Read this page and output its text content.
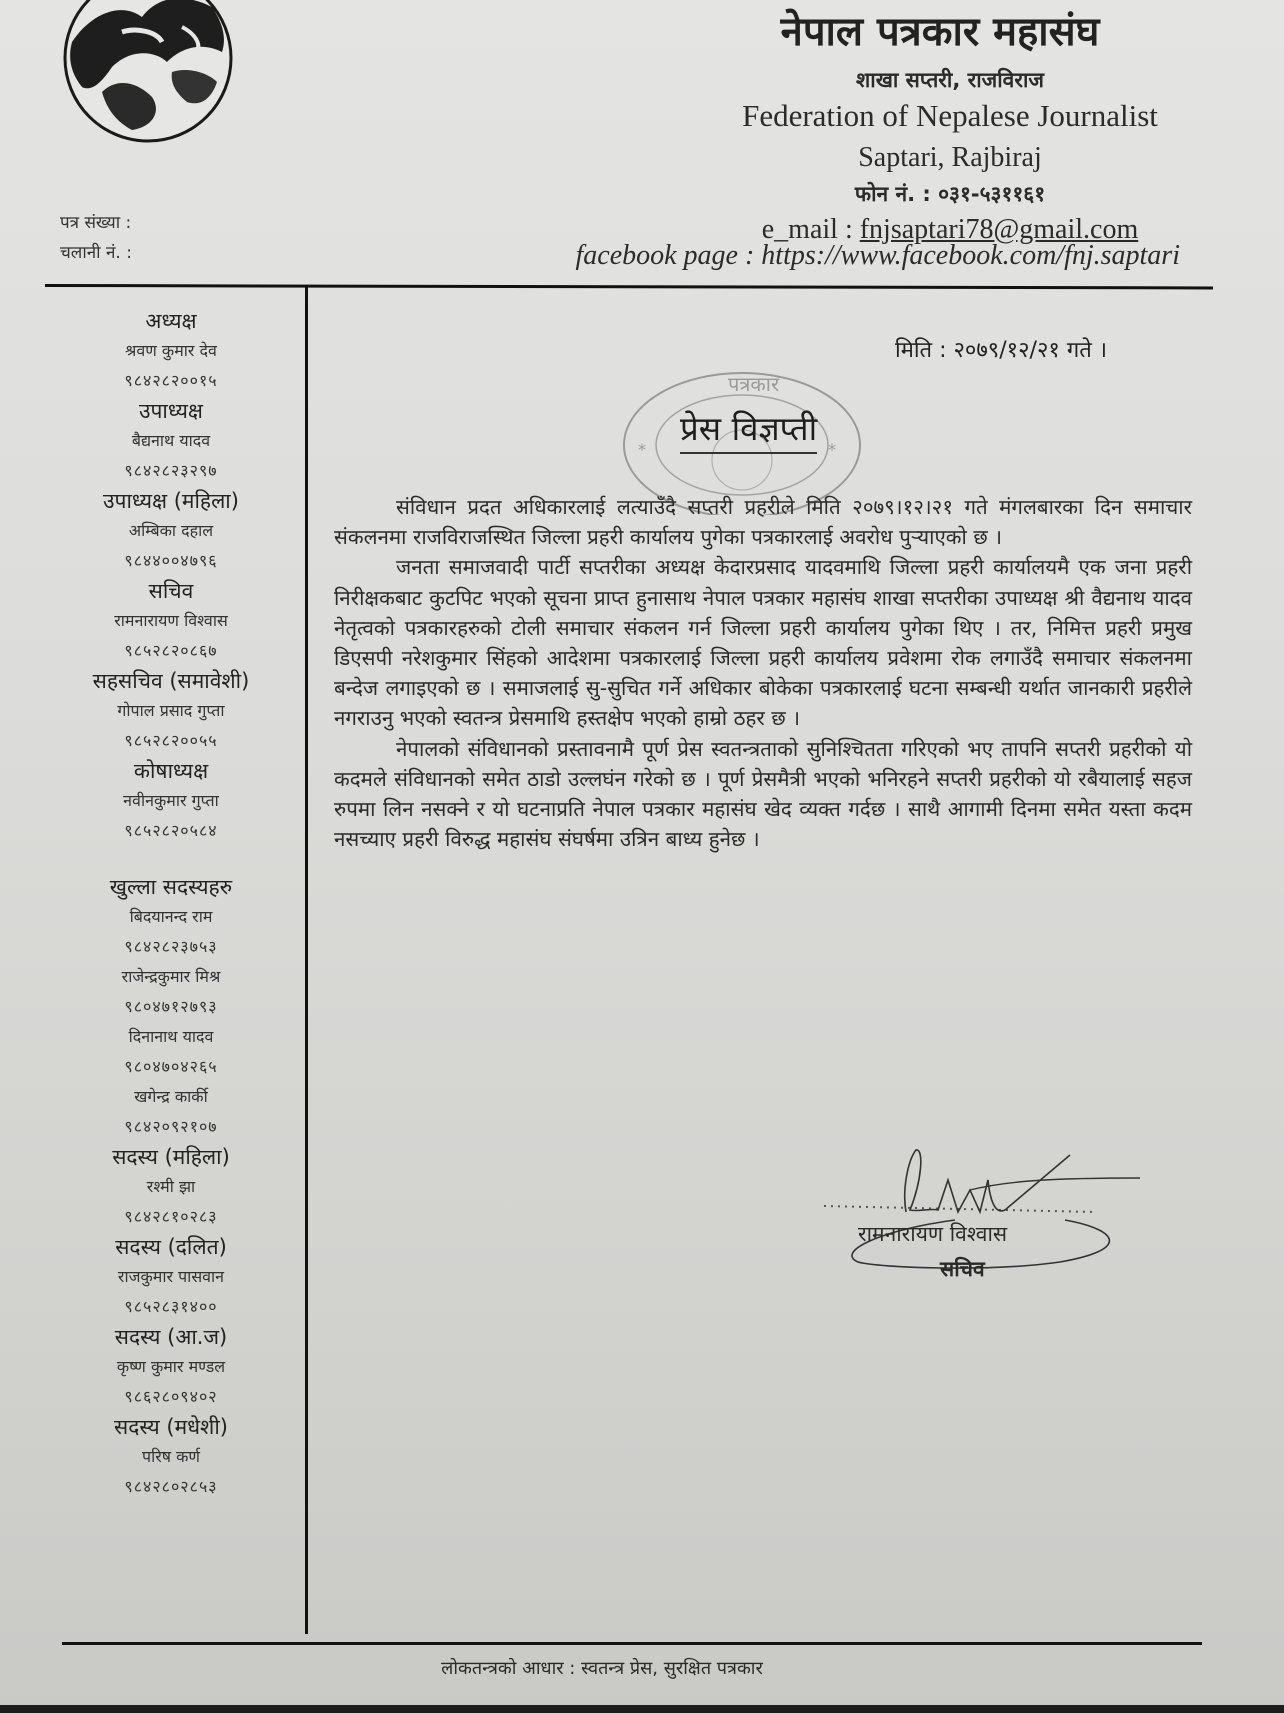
नेपाल पत्रकार महासंघ
शाखा सप्तरी, राजविराज
Federation of Nepalese Journalist
Saptari, Rajbiraj
फोन नं. : ०३१-५३११६१
e_mail : fnjsaptari78@gmail.com
facebook page : https://www.facebook.com/fnj.saptari
पत्र संख्या :
चलानी नं. :
अध्यक्ष
श्रवण कुमार देव
९८४२८२००१५
उपाध्यक्ष
बैद्यनाथ यादव
९८४२८२३२९७
उपाध्यक्ष (महिला)
अम्बिका दहाल
९८४४००४७९६
सचिव
रामनारायण विश्वास
९८५२८२०८६७
सहसचिव (समावेशी)
गोपाल प्रसाद गुप्ता
९८५२८२००५५
कोषाध्यक्ष
नवीनकुमार गुप्ता
९८५२८२०५८४
खुल्ला सदस्यहरु
बिदयानन्द राम
९८४२८२३७५३
राजेन्द्रकुमार मिश्र
९८०४७१२७९३
दिनानाथ यादव
९८०४७०४२६५
खगेन्द्र कार्की
९८४२०९२१०७
सदस्य (महिला)
रश्मी झा
९८४२८१०२८३
सदस्य (दलित)
राजकुमार पासवान
९८५२८३१४००
सदस्य (आ.ज)
कृष्ण कुमार मण्डल
९८६२८०९४०२
सदस्य (मधेशी)
परिष कर्ण
९८४२८०२८५३
मिति : २०७९/१२/२१ गते ।
पत्रकार
*	*
प्रेस विज्ञप्ती

संविधान प्रदत अधिकारलाई लत्याउँदै सप्तरी प्रहरीले मिति २०७९।१२।२१ गते मंगलबारका दिन समाचार संकलनमा राजविराजस्थित जिल्ला प्रहरी कार्यालय पुगेका पत्रकारलाई अवरोध पुऱ्याएको छ ।

जनता समाजवादी पार्टी सप्तरीका अध्यक्ष केदारप्रसाद यादवमाथि जिल्ला प्रहरी कार्यालयमै एक जना प्रहरी निरीक्षकबाट कुटपिट भएको सूचना प्राप्त हुनासाथ नेपाल पत्रकार महासंघ शाखा सप्तरीका उपाध्यक्ष श्री वैद्यनाथ यादव नेतृत्वको पत्रकारहरुको टोली समाचार संकलन गर्न जिल्ला प्रहरी कार्यालय पुगेका थिए । तर, निमित्त प्रहरी प्रमुख डिएसपी नरेशकुमार सिंहको आदेशमा पत्रकारलाई जिल्ला प्रहरी कार्यालय प्रवेशमा रोक लगाउँदै समाचार संकलनमा बन्देज लगाइएको छ । समाजलाई सु-सुचित गर्ने अधिकार बोकेका पत्रकारलाई घटना सम्बन्धी यर्थात जानकारी प्रहरीले नगराउनु भएको स्वतन्त्र प्रेसमाथि हस्तक्षेप भएको हाम्रो ठहर छ ।

नेपालको संविधानको प्रस्तावनामै पूर्ण प्रेस स्वतन्त्रताको सुनिश्चितता गरिएको भए तापनि सप्तरी प्रहरीको यो कदमले संविधानको समेत ठाडो उल्लघंन गरेको छ । पूर्ण प्रेसमैत्री भएको भनिरहने सप्तरी प्रहरीको यो रबैयालाई सहज रुपमा लिन नसक्ने र यो घटनाप्रति नेपाल पत्रकार महासंघ खेद व्यक्त गर्दछ । साथै आगामी दिनमा समेत यस्ता कदम नसच्याए प्रहरी विरुद्ध महासंघ संघर्षमा उत्रिन बाध्य हुनेछ ।

रामनारायण विश्वास
सचिव
लोकतन्त्रको आधार : स्वतन्त्र प्रेस, सुरक्षित पत्रकार
